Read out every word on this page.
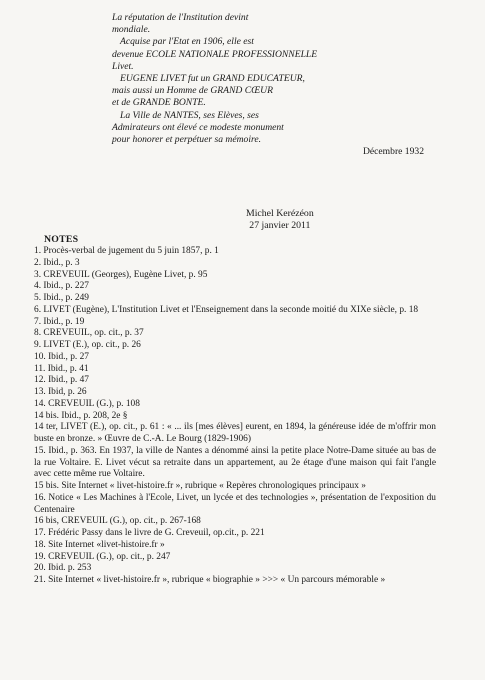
La réputation de l'Institution devint
mondiale.
Acquise par l'Etat en 1906, elle est
devenue ECOLE NATIONALE PROFESSIONNELLE
Livet.
EUGENE LIVET fut un GRAND EDUCATEUR,
mais aussi un Homme de GRAND CŒUR
et de GRANDE BONTE.
La Ville de NANTES, ses Elèves, ses
Admirateurs ont élevé ce modeste monument
pour honorer et perpétuer sa mémoire.
Décembre 1932
Michel Kerézéon
27 janvier 2011
NOTES
1. Procès-verbal de jugement du 5 juin 1857, p. 1
2. Ibid., p. 3
3. CREVEUIL (Georges), Eugène Livet, p. 95
4. Ibid., p. 227
5. Ibid., p. 249
6. LIVET (Eugène), L'Institution Livet et l'Enseignement dans la seconde moitié du XIXe siècle, p. 18
7. Ibid., p. 19
8. CREVEUIL, op. cit., p. 37
9. LIVET (E.), op. cit., p. 26
10. Ibid., p. 27
11. Ibid., p. 41
12. Ibid., p. 47
13. Ibid, p. 26
14. CREVEUIL (G.), p. 108
14 bis. Ibid., p. 208, 2e §
14 ter, LIVET (E.), op. cit., p. 61 : « ... ils [mes élèves] eurent, en 1894, la généreuse idée de m'offrir mon buste en bronze. » Œuvre de C.-A. Le Bourg (1829-1906)
15. Ibid., p. 363. En 1937, la ville de Nantes a dénommé ainsi la petite place Notre-Dame située au bas de la rue Voltaire. E. Livet vécut sa retraite dans un appartement, au 2e étage d'une maison qui fait l'angle avec cette même rue Voltaire.
15 bis. Site Internet « livet-histoire.fr », rubrique « Repères chronologiques principaux »
16. Notice « Les Machines à l'Ecole, Livet, un lycée et des technologies », présentation de l'exposition du Centenaire
16 bis, CREVEUIL (G.), op. cit., p. 267-168
17. Frédéric Passy dans le livre de G. Creveuil, op.cit., p. 221
18. Site Internet «livet-histoire.fr »
19. CREVEUIL (G.), op. cit., p. 247
20. Ibid. p. 253
21. Site Internet « livet-histoire.fr », rubrique « biographie » >>> « Un parcours mémorable »
